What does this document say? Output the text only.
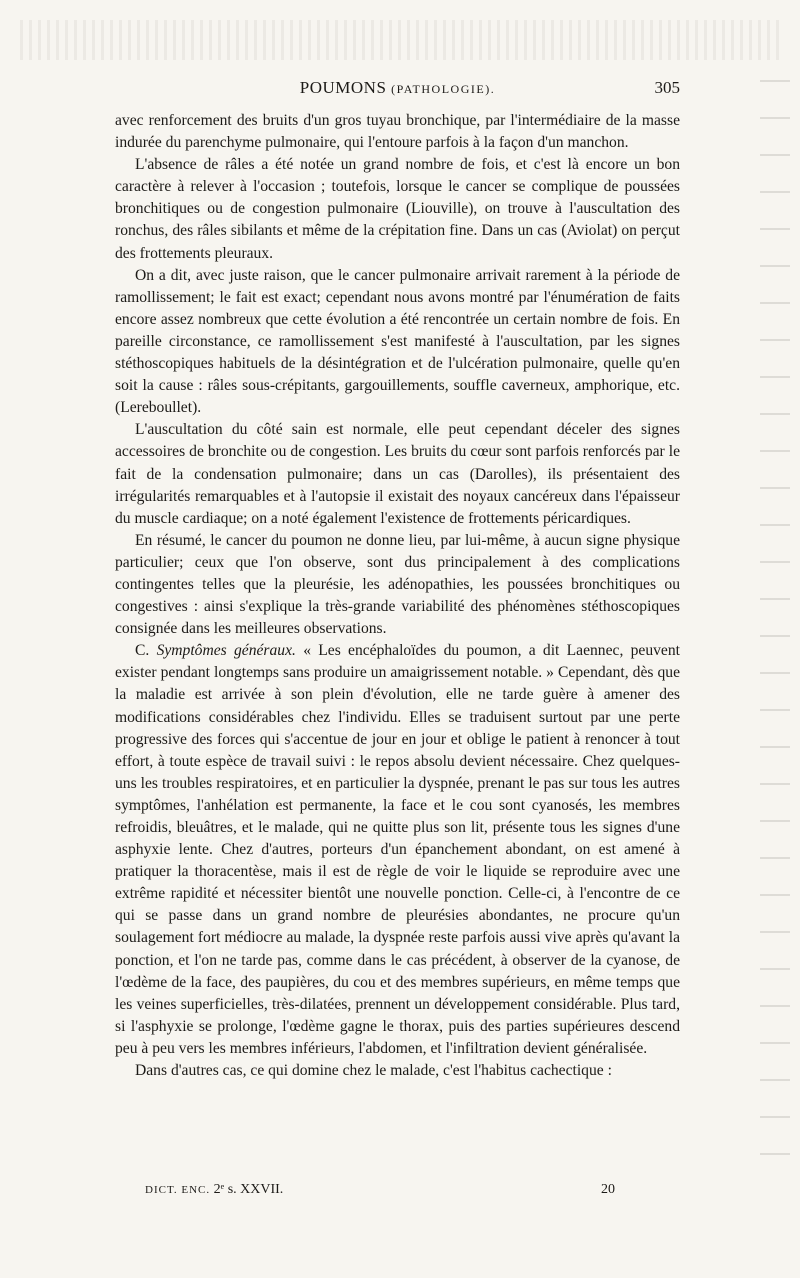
POUMONS (PATHOLOGIE).	305

avec renforcement des bruits d'un gros tuyau bronchique, par l'intermédiaire de la masse indurée du parenchyme pulmonaire, qui l'entoure parfois à la façon d'un manchon.

L'absence de râles a été notée un grand nombre de fois, et c'est là encore un bon caractère à relever à l'occasion ; toutefois, lorsque le cancer se complique de poussées bronchitiques ou de congestion pulmonaire (Liouville), on trouve à l'auscultation des ronchus, des râles sibilants et même de la crépitation fine. Dans un cas (Aviolat) on perçut des frottements pleuraux.

On a dit, avec juste raison, que le cancer pulmonaire arrivait rarement à la période de ramollissement; le fait est exact; cependant nous avons montré par l'énumération de faits encore assez nombreux que cette évolution a été rencontrée un certain nombre de fois. En pareille circonstance, ce ramollissement s'est manifesté à l'auscultation, par les signes stéthoscopiques habituels de la désintégration et de l'ulcération pulmonaire, quelle qu'en soit la cause : râles sous-crépitants, gargouillements, souffle caverneux, amphorique, etc. (Lereboullet).

L'auscultation du côté sain est normale, elle peut cependant déceler des signes accessoires de bronchite ou de congestion. Les bruits du cœur sont parfois renforcés par le fait de la condensation pulmonaire; dans un cas (Darolles), ils présentaient des irrégularités remarquables et à l'autopsie il existait des noyaux cancéreux dans l'épaisseur du muscle cardiaque; on a noté également l'existence de frottements péricardiques.

En résumé, le cancer du poumon ne donne lieu, par lui-même, à aucun signe physique particulier; ceux que l'on observe, sont dus principalement à des complications contingentes telles que la pleurésie, les adénopathies, les poussées bronchitiques ou congestives : ainsi s'explique la très-grande variabilité des phénomènes stéthoscopiques consignée dans les meilleures observations.

C. Symptômes généraux. « Les encéphaloïdes du poumon, a dit Laennec, peuvent exister pendant longtemps sans produire un amaigrissement notable. » Cependant, dès que la maladie est arrivée à son plein d'évolution, elle ne tarde guère à amener des modifications considérables chez l'individu. Elles se traduisent surtout par une perte progressive des forces qui s'accentue de jour en jour et oblige le patient à renoncer à tout effort, à toute espèce de travail suivi : le repos absolu devient nécessaire. Chez quelques-uns les troubles respiratoires, et en particulier la dyspnée, prenant le pas sur tous les autres symptômes, l'anhélation est permanente, la face et le cou sont cyanosés, les membres refroidis, bleuâtres, et le malade, qui ne quitte plus son lit, présente tous les signes d'une asphyxie lente. Chez d'autres, porteurs d'un épanchement abondant, on est amené à pratiquer la thoracentèse, mais il est de règle de voir le liquide se reproduire avec une extrême rapidité et nécessiter bientôt une nouvelle ponction. Celle-ci, à l'encontre de ce qui se passe dans un grand nombre de pleurésies abondantes, ne procure qu'un soulagement fort médiocre au malade, la dyspnée reste parfois aussi vive après qu'avant la ponction, et l'on ne tarde pas, comme dans le cas précédent, à observer de la cyanose, de l'œdème de la face, des paupières, du cou et des membres supérieurs, en même temps que les veines superficielles, très-dilatées, prennent un développement considérable. Plus tard, si l'asphyxie se prolonge, l'œdème gagne le thorax, puis des parties supérieures descend peu à peu vers les membres inférieurs, l'abdomen, et l'infiltration devient généralisée.

Dans d'autres cas, ce qui domine chez le malade, c'est l'habitus cachectique :

DICT. ENC. 2ᵉ s. XXVII.	20
